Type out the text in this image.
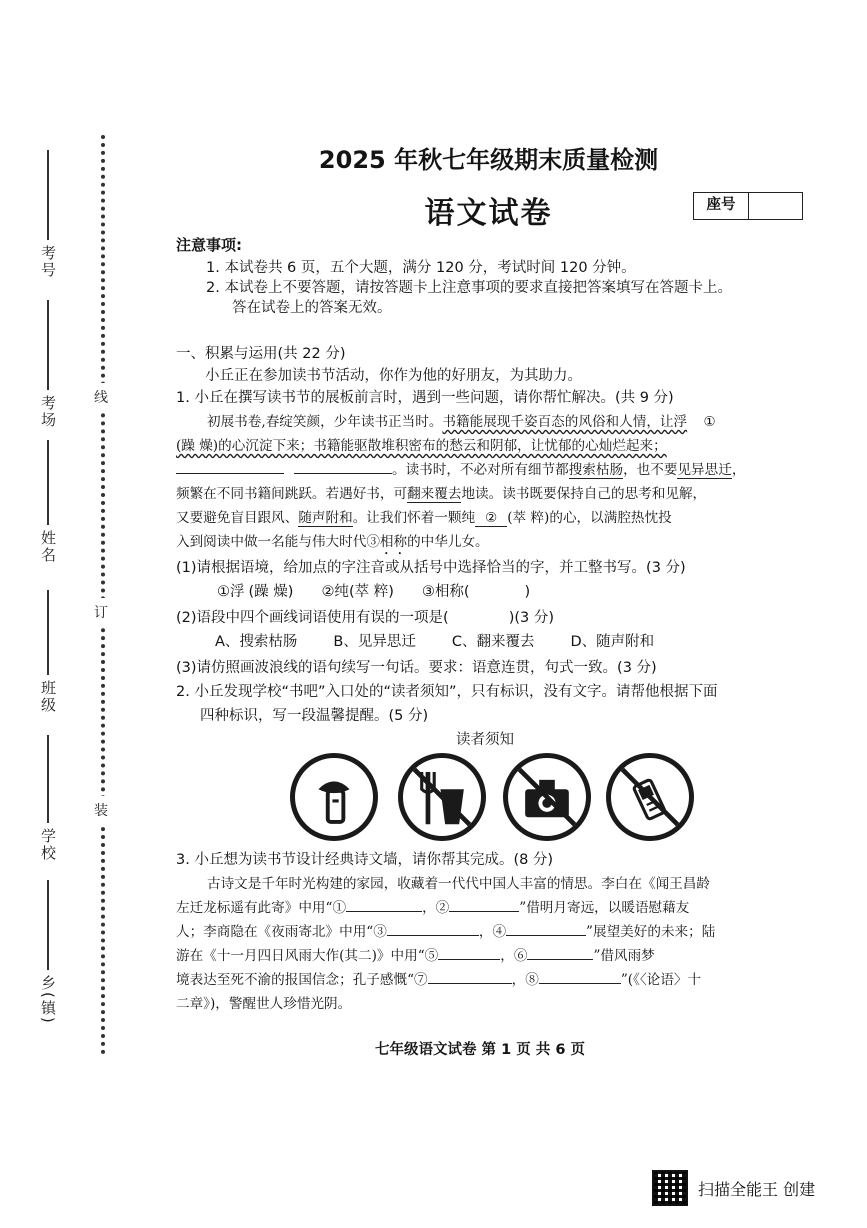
考号
考场
姓名
班级
学校
乡(镇)
线
订
装
2025 年秋七年级期末质量检测
语文试卷	座号
注意事项:
1. 本试卷共 6 页，五个大题，满分 120 分，考试时间 120 分钟。
2. 本试卷上不要答题，请按答题卡上注意事项的要求直接把答案填写在答题卡上。
答在试卷上的答案无效。
一、积累与运用(共 22 分)
小丘正在参加读书节活动，你作为他的好朋友，为其助力。
1. 小丘在撰写读书节的展板前言时，遇到一些问题，请你帮忙解决。(共 9 分)
初展书卷,春绽笑颜，少年读书正当时。书籍能展现千姿百态的风俗和人情，让浮 ①
(躁 燥)的心沉淀下来；书籍能驱散堆积密布的愁云和阴郁，让忧郁的心灿烂起来；
。读书时，不必对所有细节都搜索枯肠，也不要见异思迁，
频繁在不同书籍间跳跃。若遇好书，可翻来覆去地读。读书既要保持自己的思考和见解，
又要避免盲目跟风、随声附和。让我们怀着一颗纯 ② (萃 粹)的心，以满腔热忱投
入到阅读中做一名能与伟大时代③相称的中华儿女。
(1)请根据语境，给加点的字注音或从括号中选择恰当的字，并工整书写。(3 分)
①浮 (躁 燥) ②纯(萃 粹) ③相称(	)
(2)语段中四个画线词语使用有误的一项是(	)(3 分)
A、搜索枯肠 B、见异思迁 C、翻来覆去 D、随声附和
(3)请仿照画波浪线的语句续写一句话。要求：语意连贯，句式一致。(3 分)
2. 小丘发现学校“书吧”入口处的“读者须知”，只有标识，没有文字。请帮他根据下面
四种标识，写一段温馨提醒。(5 分)
读者须知
3. 小丘想为读书节设计经典诗文墙，请你帮其完成。(8 分)
古诗文是千年时光构建的家园，收藏着一代代中国人丰富的情思。李白在《闻王昌龄
左迁龙标遥有此寄》中用“①	，②	”借明月寄远，以暖语慰藉友
人；李商隐在《夜雨寄北》中用“③	，④	”展望美好的未来；陆
游在《十一月四日风雨大作(其二)》中用“⑤	，⑥	”借风雨梦
境表达至死不渝的报国信念；孔子感慨“⑦	，⑧	”(《〈论语〉十
二章》)，警醒世人珍惜光阴。
七年级语文试卷 第 1 页 共 6 页
扫描全能王 创建
